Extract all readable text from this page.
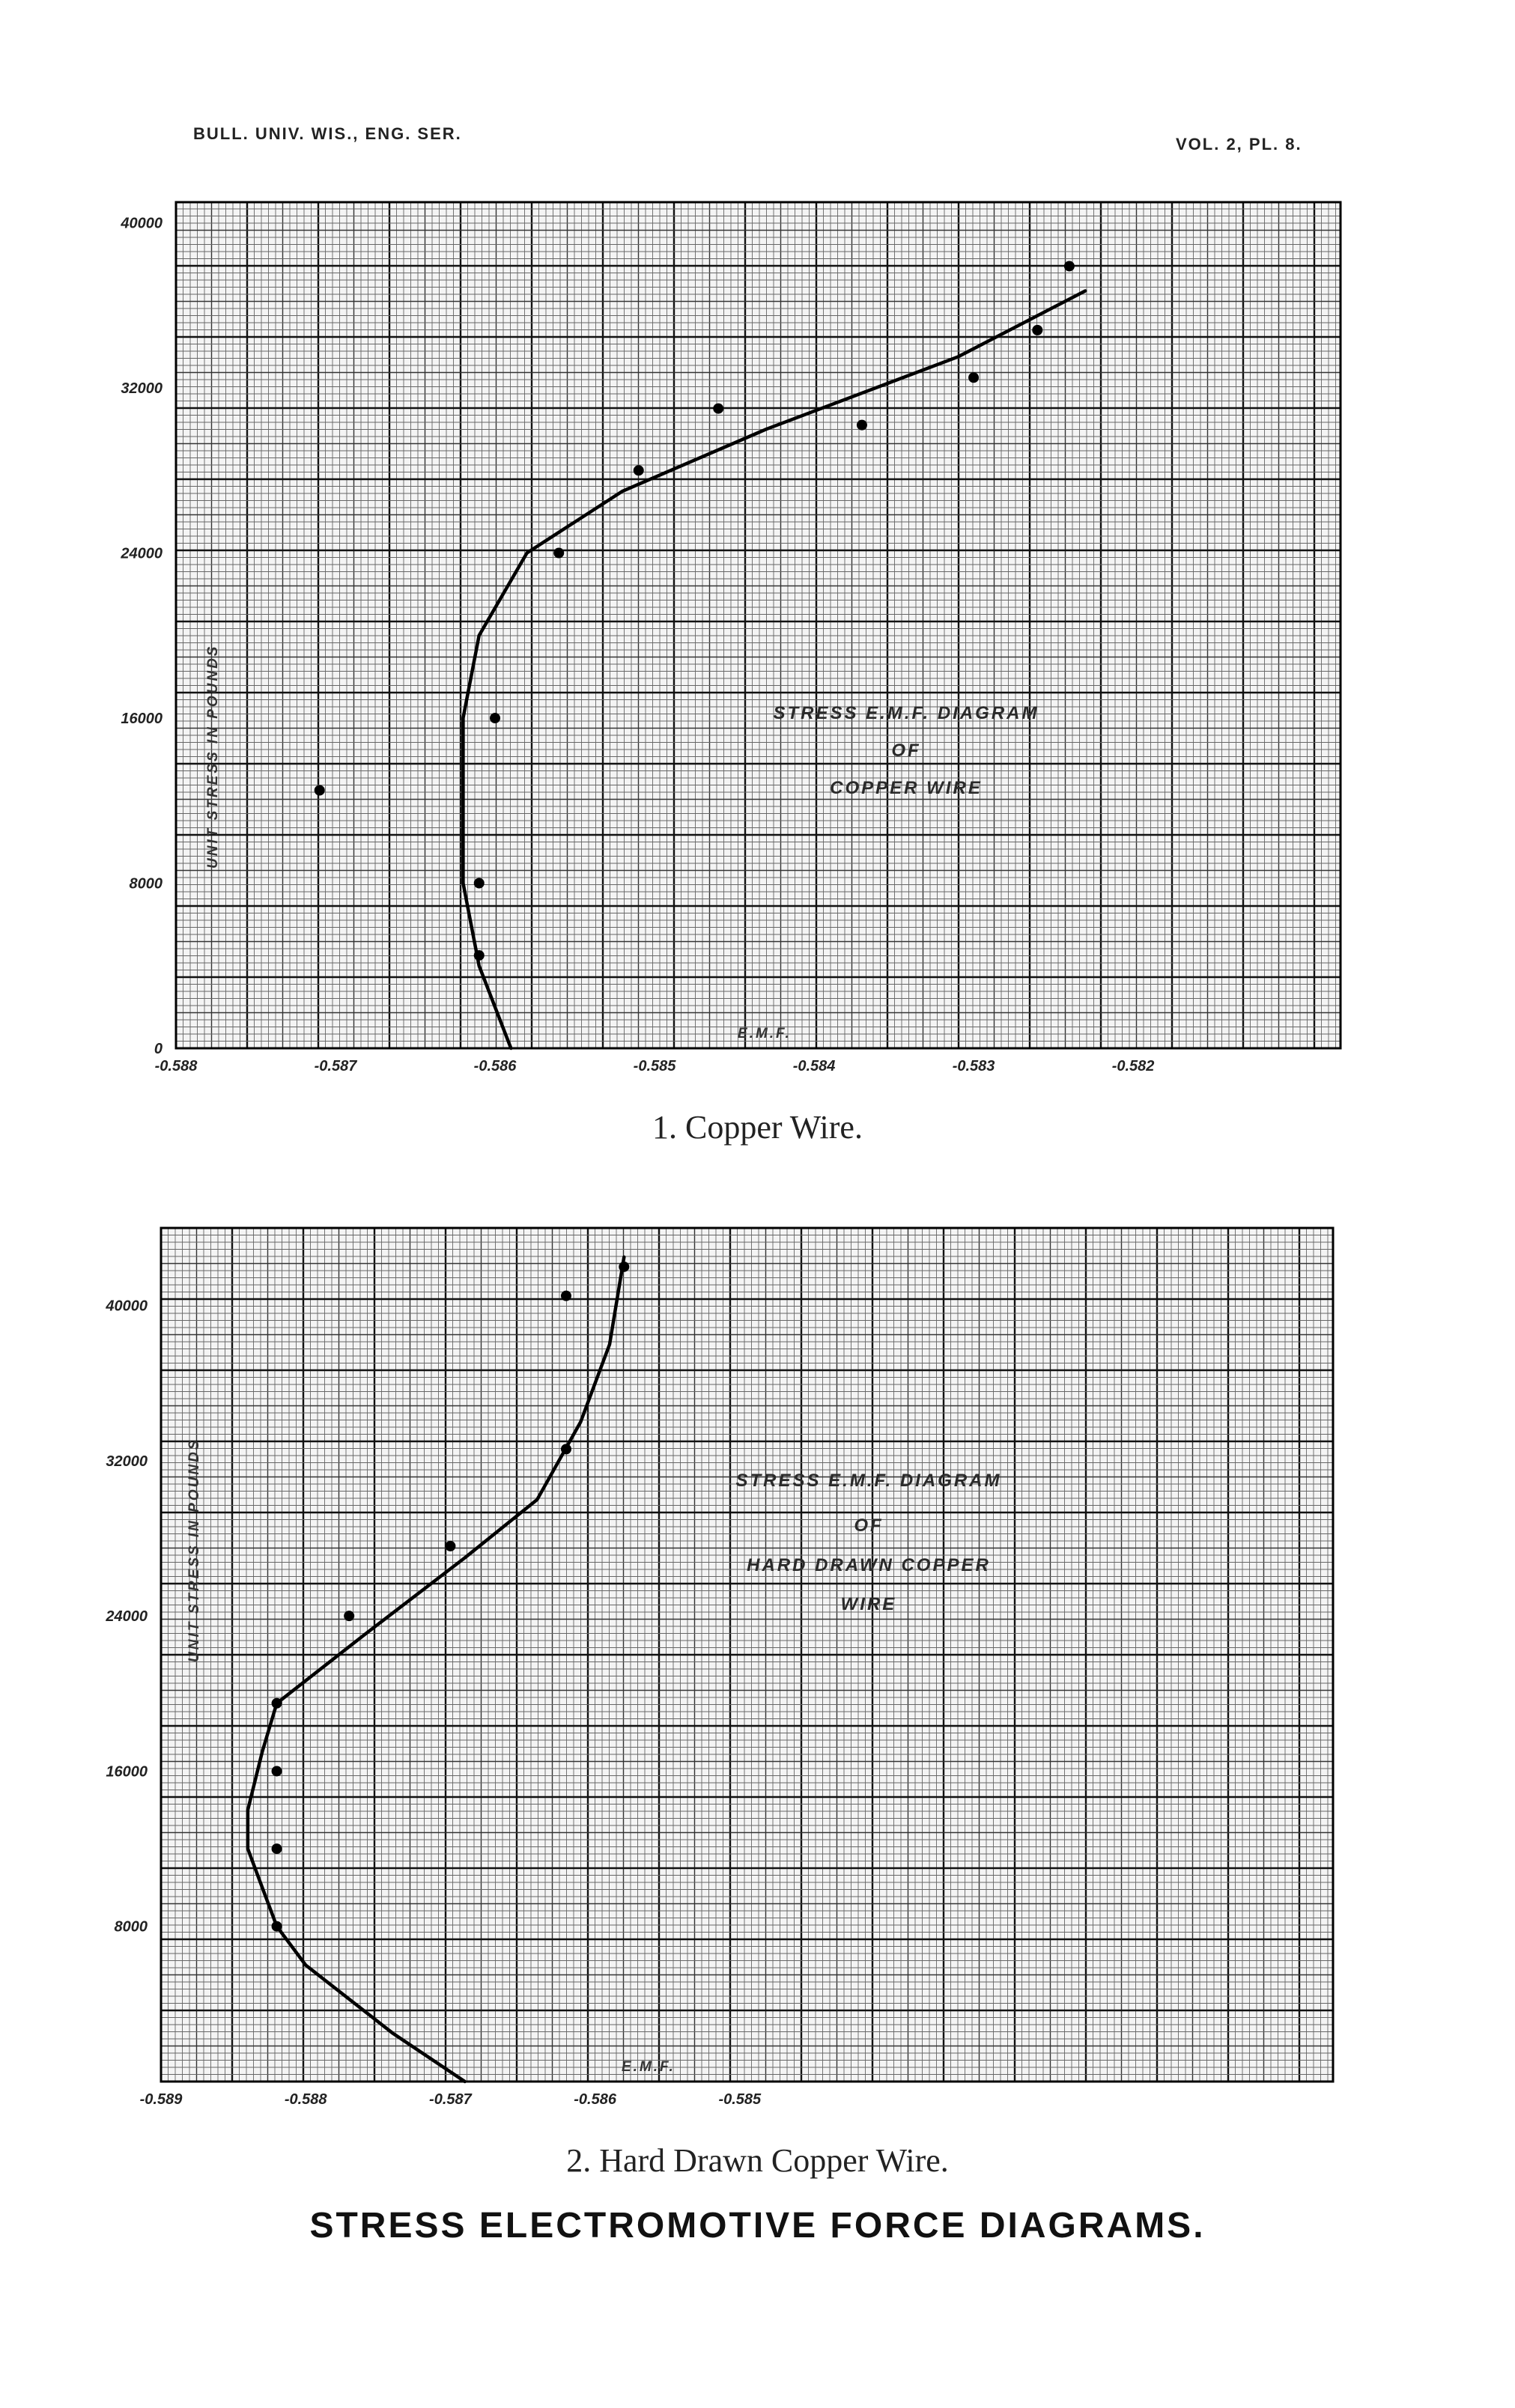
BULL. UNIV. WIS., ENG. SER.
VOL. 2, PL. 8.
0
8000
16000
24000
32000
40000
-0.588	-0.587	-0.586	-0.585	-0.584	-0.583	-0.582
UNIT STRESS IN POUNDS
E.M.F.
STRESS E.M.F. DIAGRAM
OF
COPPER WIRE
1. Copper Wire.
8000
16000
24000
32000
40000
-0.589	-0.588	-0.587	-0.586	-0.585
UNIT STRESS IN POUNDS
E.M.F.
STRESS E.M.F. DIAGRAM
OF
HARD DRAWN COPPER
WIRE
2. Hard Drawn Copper Wire.
STRESS ELECTROMOTIVE FORCE DIAGRAMS.
